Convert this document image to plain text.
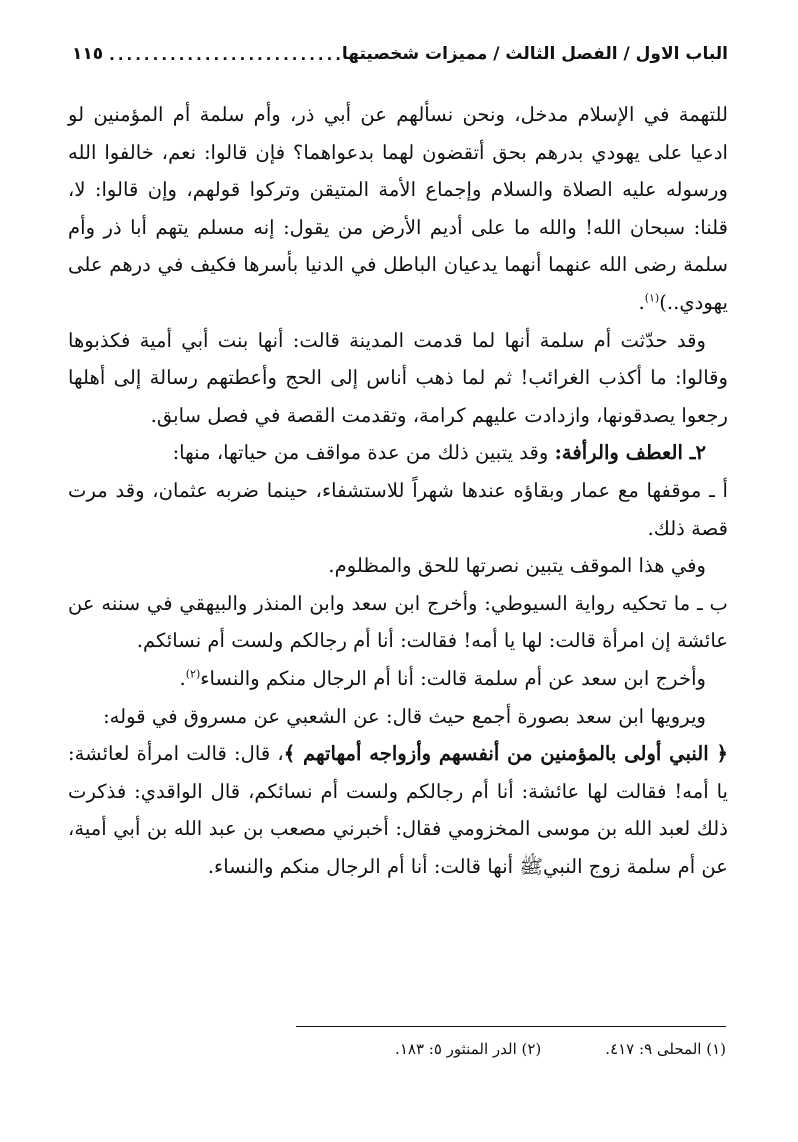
الباب الاول / الفصل الثالث / مميزات شخصيتها
.....
١١٥

للتهمة في الإسلام مدخل، ونحن نسألهم عن أبي ذر، وأم سلمة أم المؤمنين لو ادعيا على يهودي بدرهم بحق أتقضون لهما بدعواهما؟ فإن قالوا: نعم، خالفوا الله ورسوله عليه الصلاة والسلام وإجماع الأمة المتيقن وتركوا قولهم، وإن قالوا: لا، قلنا: سبحان الله! والله ما على أديم الأرض من يقول: إنه مسلم يتهم أبا ذر وأم سلمة رضى الله عنهما أنهما يدعيان الباطل في الدنيا بأسرها فكيف في درهم على يهودي..)$^{(١)}$.

وقد حدّثت أم سلمة أنها لما قدمت المدينة قالت: أنها بنت أبي أمية فكذبوها وقالوا: ما أكذب الغرائب! ثم لما ذهب أناس إلى الحج وأعطتهم رسالة إلى أهلها رجعوا يصدقونها، وازدادت عليهم كرامة، وتقدمت القصة في فصل سابق.

٢ـ العطف والرأفة: وقد يتبين ذلك من عدة مواقف من حياتها، منها:

أ ـ موقفها مع عمار وبقاؤه عندها شهراً للاستشفاء، حينما ضربه عثمان، وقد مرت قصة ذلك.

وفي هذا الموقف يتبين نصرتها للحق والمظلوم.

ب ـ ما تحكيه رواية السيوطي: وأخرج ابن سعد وابن المنذر والبيهقي في سننه عن عائشة إن امرأة قالت: لها يا أمه! فقالت: أنا أم رجالكم ولست أم نسائكم.

وأخرج ابن سعد عن أم سلمة قالت: أنا أم الرجال منكم والنساء$^{(٢)}$.

ويرويها ابن سعد بصورة أجمع حيث قال: عن الشعبي عن مسروق في قوله:

﴿ النبي أولى بالمؤمنين من أنفسهم وأزواجه أمهاتهم ﴾، قال: قالت امرأة لعائشة: يا أمه! فقالت لها عائشة: أنا أم رجالكم ولست أم نسائكم، قال الواقدي: فذكرت ذلك لعبد الله بن موسى المخزومي فقال: أخبرني مصعب بن عبد الله بن أبي أمية، عن أم سلمة زوج النبيﷺ أنها قالت: أنا أم الرجال منكم والنساء.

(١) المحلى ٩: ٤١٧.
(٢) الدر المنثور ٥: ١٨٣.
